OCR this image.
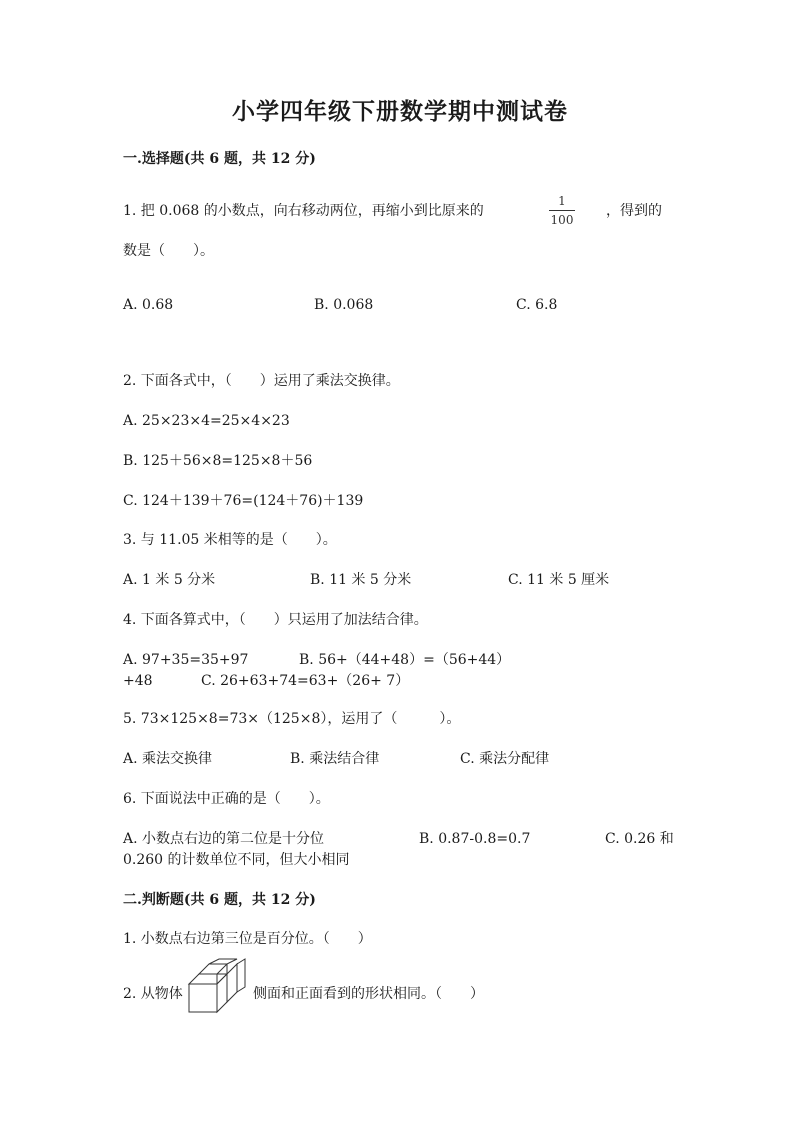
小学四年级下册数学期中测试卷
一.选择题(共 6 题，共 12 分)
1. 把 0.068 的小数点，向右移动两位，再缩小到比原来的
1
100
，得到的
数是（　　）。
A. 0.68	B. 0.068	C. 6.8
2. 下面各式中，（　　）运用了乘法交换律。
A. 25×23×4=25×4×23
B. 125＋56×8=125×8＋56
C. 124＋139＋76=(124＋76)＋139
3. 与 11.05 米相等的是（　　）。
A. 1 米 5 分米	B. 11 米 5 分米	C. 11 米 5 厘米
4. 下面各算式中，（　　）只运用了加法结合律。
A. 97+35=35+97	B. 56+（44+48）=（56+44）
+48	C. 26+63+74=63+（26+ 7）
5. 73×125×8=73×（125×8），运用了（　　　）。
A. 乘法交换律	B. 乘法结合律	C. 乘法分配律
6. 下面说法中正确的是（　　）。
A. 小数点右边的第二位是十分位	B. 0.87-0.8=0.7	C. 0.26 和
0.260 的计数单位不同，但大小相同
二.判断题(共 6 题，共 12 分)
1. 小数点右边第三位是百分位。（　　）
2. 从物体	侧面和正面看到的形状相同。（　　）
